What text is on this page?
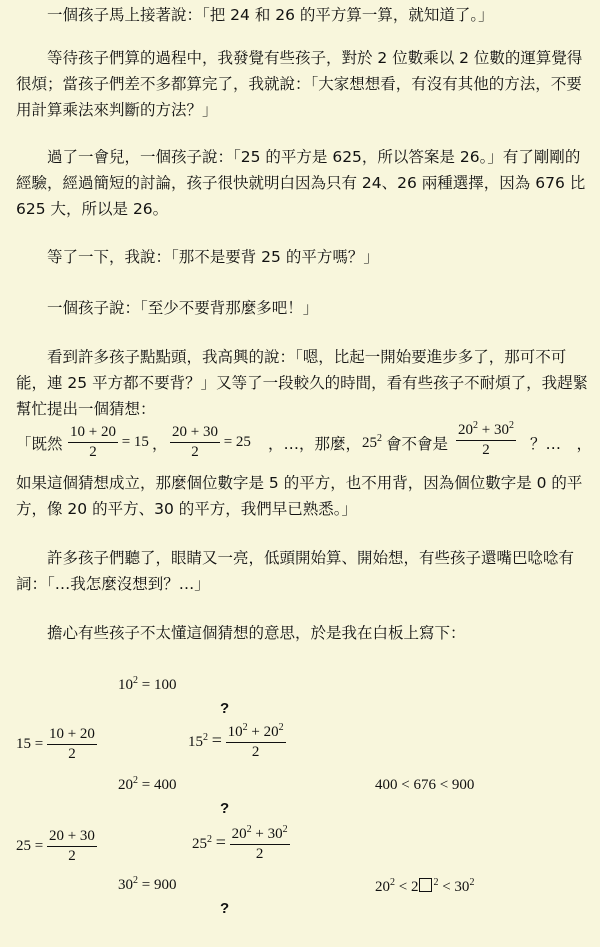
　　一個孩子馬上接著說：「把 24 和 26 的平方算一算，就知道了。」

　　等待孩子們算的過程中，我發覺有些孩子，對於 2 位數乘以 2 位數的運算覺得很煩；當孩子們差不多都算完了，我就說：「大家想想看，有沒有其他的方法，不要用計算乘法來判斷的方法？」

　　過了一會兒，一個孩子說：「25 的平方是 625，所以答案是 26。」有了剛剛的經驗，經過簡短的討論，孩子很快就明白因為只有 24、26 兩種選擇，因為 676 比 625 大，所以是 26。

　　等了一下，我說：「那不是要背 25 的平方嗎？」

　　一個孩子說：「至少不要背那麼多吧！」

　　看到許多孩子點點頭，我高興的說：「嗯，比起一開始要進步多了，那可不可能，連 25 平方都不要背？」又等了一段較久的時間，看有些孩子不耐煩了，我趕緊幫忙提出一個猜想：

「既然 $\frac{10 + 20}{2} = 15$ ， $\frac{20 + 30}{2} = 25$ ，…，那麼， $25^2$ 會不會是 $\frac{20^2 + 30^2}{2}$ ？…　，

如果這個猜想成立，那麼個位數字是 5 的平方，也不用背，因為個位數字是 0 的平方，像 20 的平方、30 的平方，我們早已熟悉。」

　　許多孩子們聽了，眼睛又一亮，低頭開始算、開始想，有些孩子還嘴巴唸唸有詞：「…我怎麼沒想到？…」

　　擔心有些孩子不太懂這個猜想的意思，於是我在白板上寫下：

$10^2 = 100$
?
$15 = \frac{10 + 20}{2}$	$15^2 = \frac{10^2 + 20^2}{2}$
$20^2 = 400$	400 < 676 < 900
?
$25 = \frac{20 + 30}{2}$	$25^2 = \frac{20^2 + 30^2}{2}$
$30^2 = 900$	$20^2 < 2$ $^2 < 30^2$
?
